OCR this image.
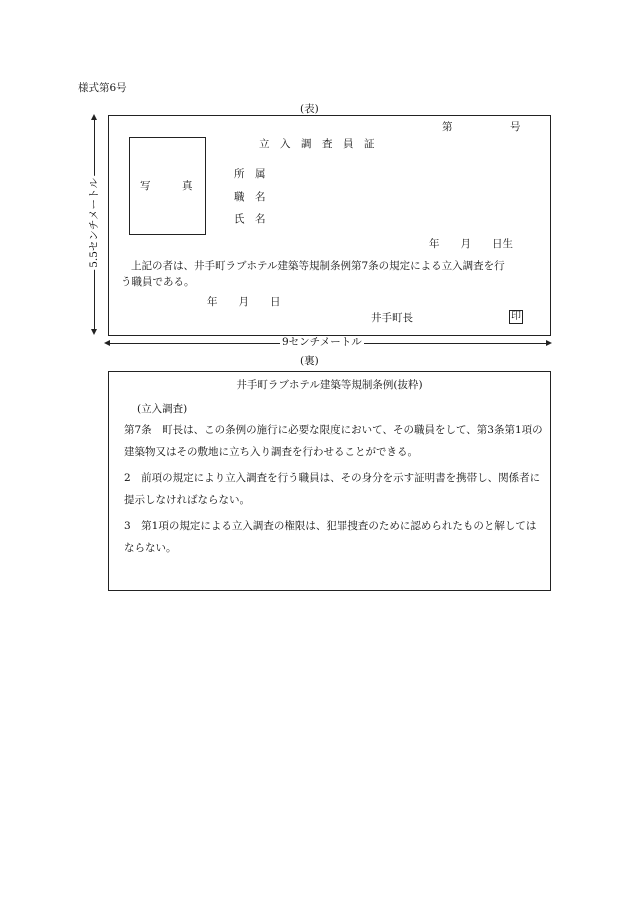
様式第6号
(表)
5.5センチメートル
第	号
立　入　調　査　員　証
写　　　真
所　属
職　名
氏　名
年　　月　　日生
上記の者は、井手町ラブホテル建築等規制条例第7条の規定による立入調査を行
う職員である。
年　　月　　日
井手町長	印
9センチメートル
(裏)
井手町ラブホテル建築等規制条例(抜粋)
(立入調査)
第7条　町長は、この条例の施行に必要な限度において、その職員をして、第3条第1項の建築物又はその敷地に立ち入り調査を行わせることができる。
2　前項の規定により立入調査を行う職員は、その身分を示す証明書を携帯し、関係者に提示しなければならない。
3　第1項の規定による立入調査の権限は、犯罪捜査のために認められたものと解してはならない。
